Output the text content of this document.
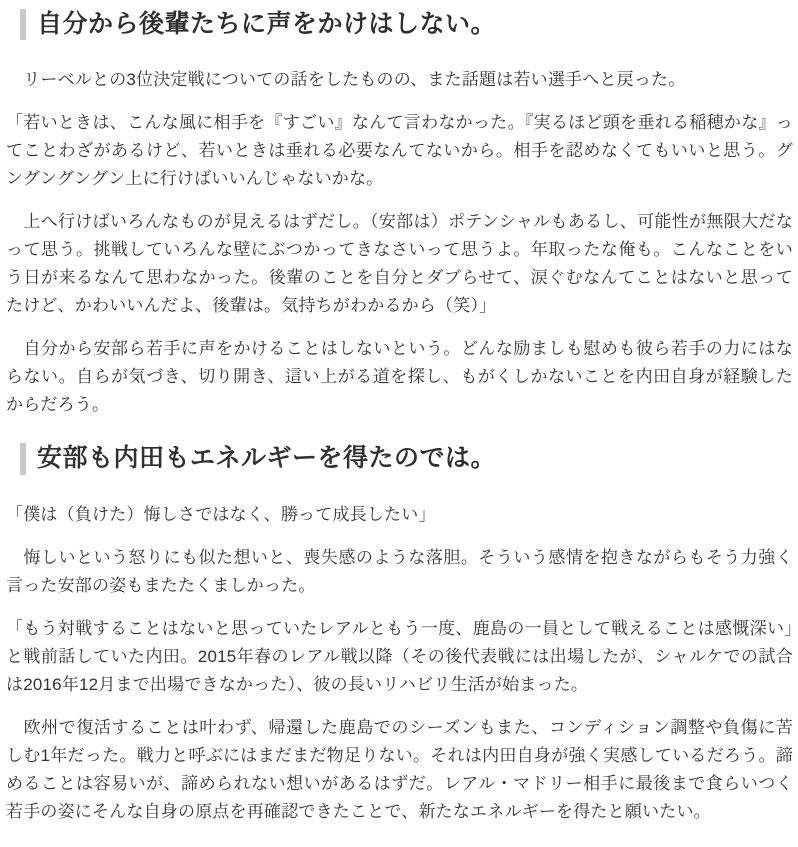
自分から後輩たちに声をかけはしない。

　リーベルとの3位決定戦についての話をしたものの、また話題は若い選手へと戻った。

「若いときは、こんな風に相手を『すごい』なんて言わなかった。『実るほど頭を垂れる稲穂かな』ってことわざがあるけど、若いときは垂れる必要なんてないから。相手を認めなくてもいいと思う。グングングングン上に行けばいいんじゃないかな。

　上へ行けばいろんなものが見えるはずだし。（安部は）ポテンシャルもあるし、可能性が無限大だなって思う。挑戦していろんな壁にぶつかってきなさいって思うよ。年取ったな俺も。こんなことをいう日が来るなんて思わなかった。後輩のことを自分とダブらせて、涙ぐむなんてことはないと思ってたけど、かわいいんだよ、後輩は。気持ちがわかるから（笑）」

　自分から安部ら若手に声をかけることはしないという。どんな励ましも慰めも彼ら若手の力にはならない。自らが気づき、切り開き、這い上がる道を探し、もがくしかないことを内田自身が経験したからだろう。

安部も内田もエネルギーを得たのでは。

「僕は（負けた）悔しさではなく、勝って成長したい」

　悔しいという怒りにも似た想いと、喪失感のような落胆。そういう感情を抱きながらもそう力強く言った安部の姿もまたたくましかった。

「もう対戦することはないと思っていたレアルともう一度、鹿島の一員として戦えることは感慨深い」と戦前話していた内田。2015年春のレアル戦以降（その後代表戦には出場したが、シャルケでの試合は2016年12月まで出場できなかった）、彼の長いリハビリ生活が始まった。

　欧州で復活することは叶わず、帰還した鹿島でのシーズンもまた、コンディション調整や負傷に苦しむ1年だった。戦力と呼ぶにはまだまだ物足りない。それは内田自身が強く実感しているだろう。諦めることは容易いが、諦められない想いがあるはずだ。レアル・マドリー相手に最後まで食らいつく若手の姿にそんな自身の原点を再確認できたことで、新たなエネルギーを得たと願いたい。
